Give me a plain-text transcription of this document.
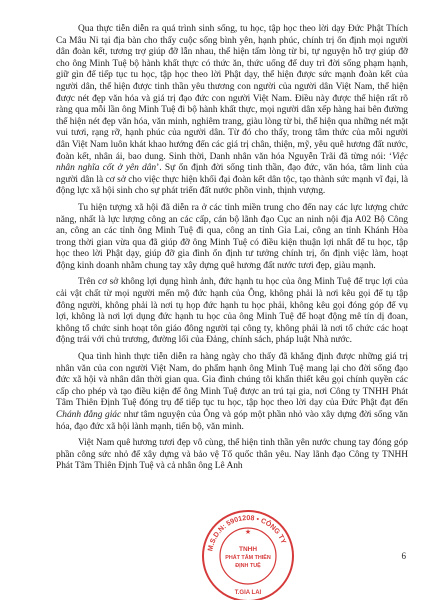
Qua thực tiễn diễn ra quá trình sinh sống, tu học, tập học theo lời dạy Đức Phật Thích Ca Mâu Ni tại địa bàn cho thấy cuộc sống bình yên, hạnh phúc, chính trị ổn định mọi người dân đoàn kết, tương trợ giúp đỡ lẫn nhau, thể hiện tấm lòng từ bi, tự nguyện hỗ trợ giúp đỡ cho ông Minh Tuệ bộ hành khất thực có thức ăn, thức uống để duy trì đời sống phạm hạnh, giữ gìn để tiếp tục tu học, tập học theo lời Phật dạy, thể hiện được sức mạnh đoàn kết của người dân, thể hiện được tinh thần yêu thương con người của người dân Việt Nam, thể hiện được nét đẹp văn hóa và giá trị đạo đức con người Việt Nam. Điều này được thể hiện rất rõ ràng qua mỗi lần ông Minh Tuệ đi bộ hành khất thực, mọi người dân xếp hàng hai bên đường thể hiện nét đẹp văn hóa, văn minh, nghiêm trang, giàu lòng từ bi, thể hiện qua những nét mặt vui tươi, rạng rỡ, hạnh phúc của người dân. Từ đó cho thấy, trong tâm thức của mỗi người dân Việt Nam luôn khát khao hướng đến các giá trị chân, thiện, mỹ, yêu quê hương đất nước, đoàn kết, nhân ái, bao dung. Sinh thời, Danh nhân văn hóa Nguyễn Trãi đã từng nói: ‘Việc nhân nghĩa cốt ở yên dân’. Sự ổn định đời sống tinh thần, đạo đức, văn hóa, tâm linh của người dân là cơ sở cho việc thực hiện khối đại đoàn kết dân tộc, tạo thành sức mạnh vĩ đại, là động lực xã hội sinh cho sự phát triển đất nước phồn vinh, thịnh vượng.

Tu hiện tượng xã hội đã diễn ra ở các tỉnh miền trung cho đến nay các lực lượng chức năng, nhất là lực lượng công an các cấp, cán bộ lãnh đạo Cục an ninh nội địa A02 Bộ Công an, công an các tỉnh ông Minh Tuệ đi qua, công an tỉnh Gia Lai, công an tỉnh Khánh Hòa trong thời gian vừa qua đã giúp đỡ ông Minh Tuệ có điều kiện thuận lợi nhất để tu học, tập học theo lời Phật dạy, giúp đỡ gia đình ổn định tư tưởng chính trị, ổn định việc làm, hoạt động kinh doanh nhằm chung tay xây dựng quê hương đất nước tươi đẹp, giàu mạnh.

Trên cơ sở không lợi dụng hình ảnh, đức hạnh tu học của ông Minh Tuệ để trục lợi của cải vật chất từ mọi người mến mộ đức hạnh của Ông, không phải là nơi kêu gọi để tụ tập đông người, không phải là nơi tụ họp đức hạnh tu học phải, không kêu gọi đóng góp để vụ lợi, không là nơi lợi dụng đức hạnh tu học của ông Minh Tuệ để hoạt động mê tín dị đoan, không tổ chức sinh hoạt tôn giáo đông người tại công ty, không phải là nơi tổ chức các hoạt động trái với chủ trương, đường lối của Đảng, chính sách, pháp luật Nhà nước.

Qua tình hình thực tiễn diễn ra hàng ngày cho thấy đã khẳng định được những giá trị nhân văn của con người Việt Nam, do phẩm hạnh ông Minh Tuệ mang lại cho đời sống đạo đức xã hội và nhân dân thời gian qua. Gia đình chúng tôi khẩn thiết kêu gọi chính quyền các cấp cho phép và tạo điều kiện để ông Minh Tuệ được an trú tại gia, nơi Công ty TNHH Phát Tâm Thiên Định Tuệ đóng trụ để tiếp tục tu học, tập học theo lời dạy của Đức Phật đạt đến Chánh đẳng giác như tâm nguyện của Ông và góp một phần nhỏ vào xây dựng đời sống văn hóa, đạo đức xã hội lành mạnh, tiến bộ, văn minh.

Việt Nam quê hương tươi đẹp vô cùng, thể hiện tinh thần yên nước chung tay đóng góp phần công sức nhỏ để xây dựng và bảo vệ Tổ quốc thân yêu. Nay lãnh đạo Công ty TNHH Phát Tâm Thiên Định Tuệ và cả nhân ông Lê Anh

6
M.S.D.N: 5901208 • CÔNG TY
TNHH
PHÁT TÂM THIÊN
ĐỊNH TUỆ
T.GIA LAI
★
